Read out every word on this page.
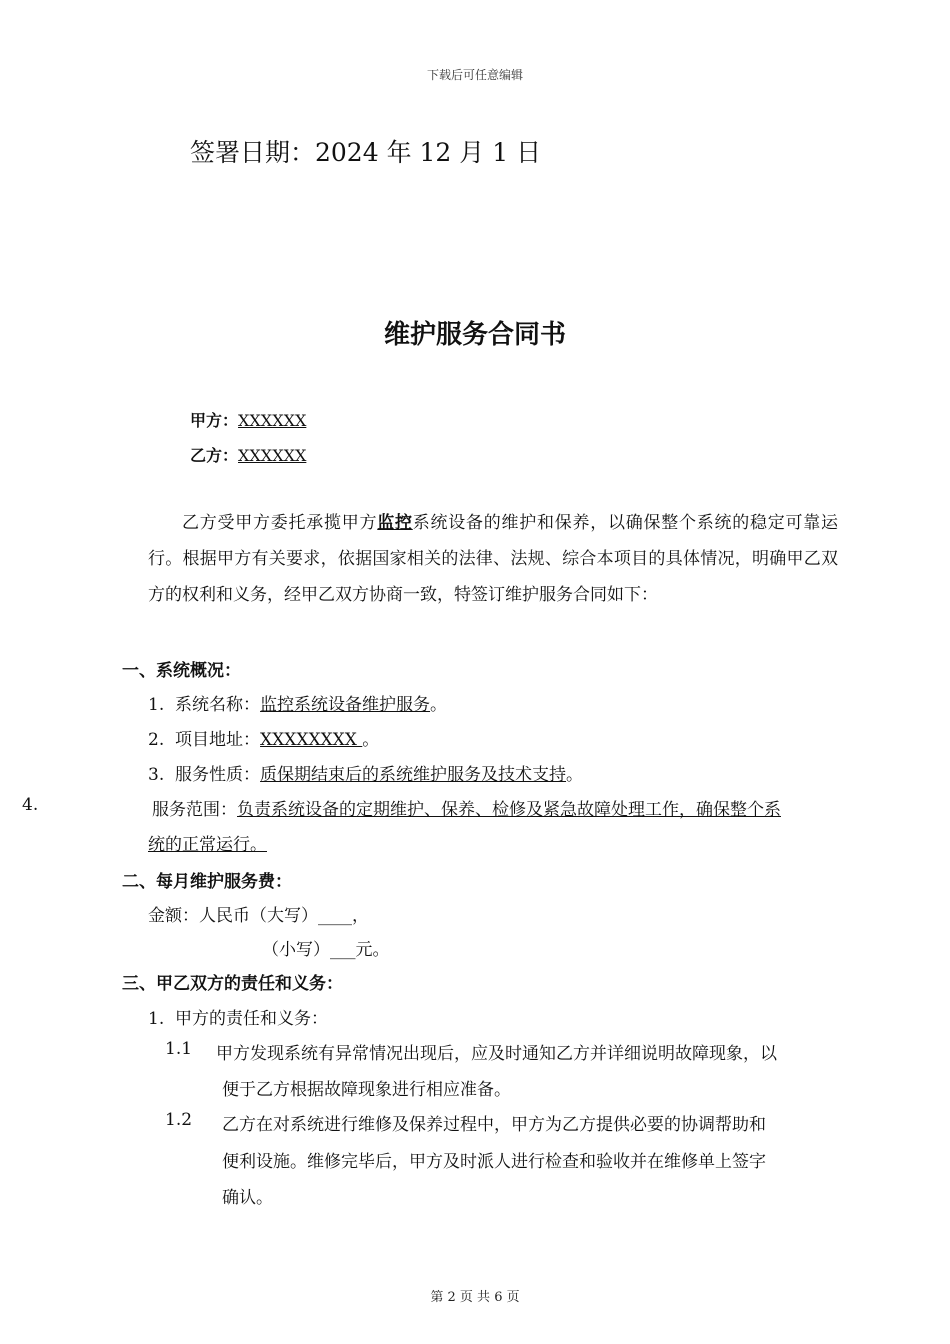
下载后可任意编辑
签署日期：2024 年 12 月 1 日
维护服务合同书
甲方：XXXXXX
乙方：XXXXXX
乙方受甲方委托承揽甲方监控系统设备的维护和保养，以确保整个系统的稳定可靠运行。根据甲方有关要求，依据国家相关的法律、法规、综合本项目的具体情况，明确甲乙双方的权利和义务，经甲乙双方协商一致，特签订维护服务合同如下：
一、系统概况：
1. 系统名称：监控系统设备维护服务。
2. 项目地址：XXXXXXXX 。
3. 服务性质：质保期结束后的系统维护服务及技术支持。
4.	服务范围：负责系统设备的定期维护、保养、检修及紧急故障处理工作，确保整个系
统的正常运行。
二、每月维护服务费：
金额：人民币（大写）____，
（小写）___元。
三、甲乙双方的责任和义务：
1.  甲方的责任和义务：
1.1 甲方发现系统有异常情况出现后，应及时通知乙方并详细说明故障现象，以
便于乙方根据故障现象进行相应准备。
1.2 乙方在对系统进行维修及保养过程中，甲方为乙方提供必要的协调帮助和
便利设施。维修完毕后，甲方及时派人进行检查和验收并在维修单上签字
确认。
第 2 页 共 6 页
